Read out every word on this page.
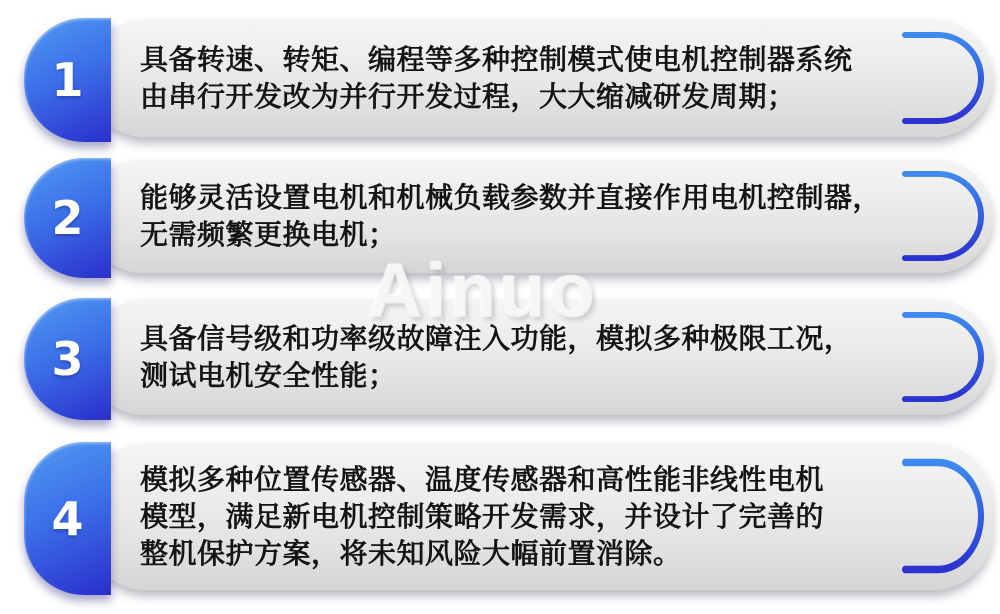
1 具备转速、转矩、编程等多种控制模式使电机控制器系统
由串行开发改为并行开发过程，大大缩减研发周期；
2 能够灵活设置电机和机械负载参数并直接作用电机控制器，
无需频繁更换电机；
3 具备信号级和功率级故障注入功能，模拟多种极限工况，
测试电机安全性能；
4
模拟多种位置传感器、温度传感器和高性能非线性电机
模型，满足新电机控制策略开发需求，并设计了完善的
整机保护方案，将未知风险大幅前置消除。
Ainuo
